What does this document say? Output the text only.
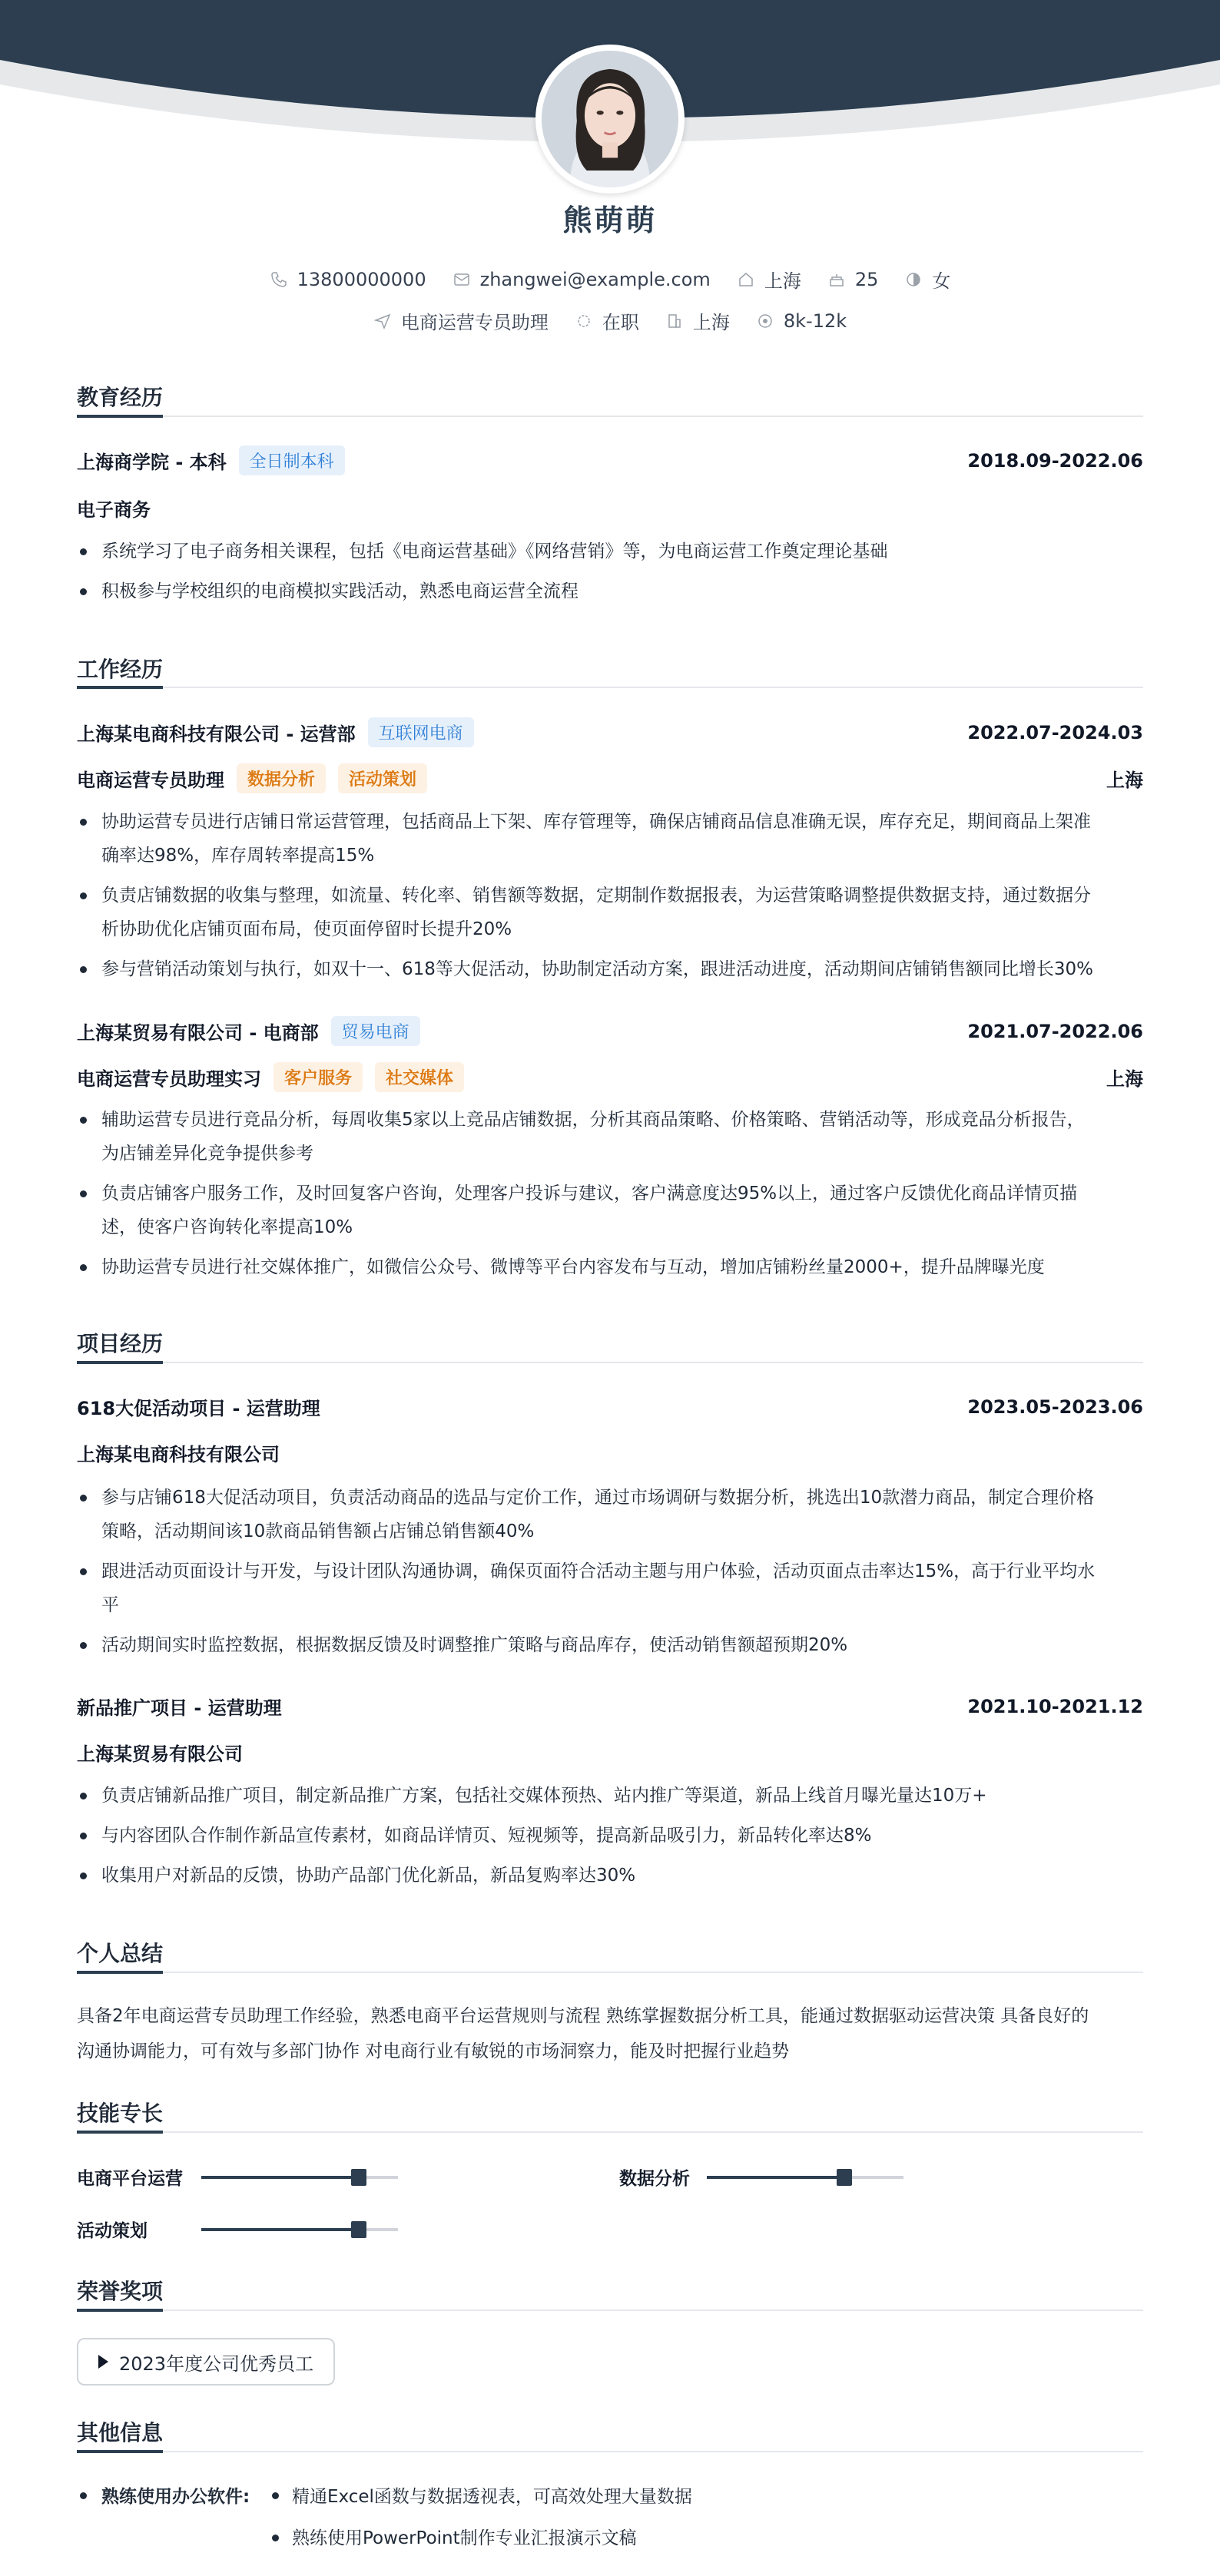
熊萌萌
13800000000	zhangwei@example.com	上海	25	女
电商运营专员助理	在职	上海	8k-12k
教育经历
上海商学院 - 本科	全日制本科	2018.09-2022.06
电子商务
系统学习了电子商务相关课程，包括《电商运营基础》《网络营销》等，为电商运营工作奠定理论基础
积极参与学校组织的电商模拟实践活动，熟悉电商运营全流程
工作经历
上海某电商科技有限公司 - 运营部	互联网电商	2022.07-2024.03
电商运营专员助理	数据分析	活动策划	上海
协助运营专员进行店铺日常运营管理，包括商品上下架、库存管理等，确保店铺商品信息准确无误，库存充足，期间商品上架准
确率达98%，库存周转率提高15%
负责店铺数据的收集与整理，如流量、转化率、销售额等数据，定期制作数据报表，为运营策略调整提供数据支持，通过数据分
析协助优化店铺页面布局，使页面停留时长提升20%
参与营销活动策划与执行，如双十一、618等大促活动，协助制定活动方案，跟进活动进度，活动期间店铺销售额同比增长30%
上海某贸易有限公司 - 电商部	贸易电商	2021.07-2022.06
电商运营专员助理实习	客户服务	社交媒体	上海
辅助运营专员进行竞品分析，每周收集5家以上竞品店铺数据，分析其商品策略、价格策略、营销活动等，形成竞品分析报告，
为店铺差异化竞争提供参考
负责店铺客户服务工作，及时回复客户咨询，处理客户投诉与建议，客户满意度达95%以上，通过客户反馈优化商品详情页描
述，使客户咨询转化率提高10%
协助运营专员进行社交媒体推广，如微信公众号、微博等平台内容发布与互动，增加店铺粉丝量2000+，提升品牌曝光度
项目经历
618大促活动项目 - 运营助理	2023.05-2023.06
上海某电商科技有限公司
参与店铺618大促活动项目，负责活动商品的选品与定价工作，通过市场调研与数据分析，挑选出10款潜力商品，制定合理价格
策略，活动期间该10款商品销售额占店铺总销售额40%
跟进活动页面设计与开发，与设计团队沟通协调，确保页面符合活动主题与用户体验，活动页面点击率达15%，高于行业平均水
平
活动期间实时监控数据，根据数据反馈及时调整推广策略与商品库存，使活动销售额超预期20%
新品推广项目 - 运营助理	2021.10-2021.12
上海某贸易有限公司
负责店铺新品推广项目，制定新品推广方案，包括社交媒体预热、站内推广等渠道，新品上线首月曝光量达10万+
与内容团队合作制作新品宣传素材，如商品详情页、短视频等，提高新品吸引力，新品转化率达8%
收集用户对新品的反馈，协助产品部门优化新品，新品复购率达30%
个人总结
具备2年电商运营专员助理工作经验，熟悉电商平台运营规则与流程 熟练掌握数据分析工具，能通过数据驱动运营决策 具备良好的
沟通协调能力，可有效与多部门协作 对电商行业有敏锐的市场洞察力，能及时把握行业趋势
技能专长
电商平台运营	数据分析
活动策划
荣誉奖项
2023年度公司优秀员工
其他信息
熟练使用办公软件: 精通Excel函数与数据透视表，可高效处理大量数据
熟练使用PowerPoint制作专业汇报演示文稿
